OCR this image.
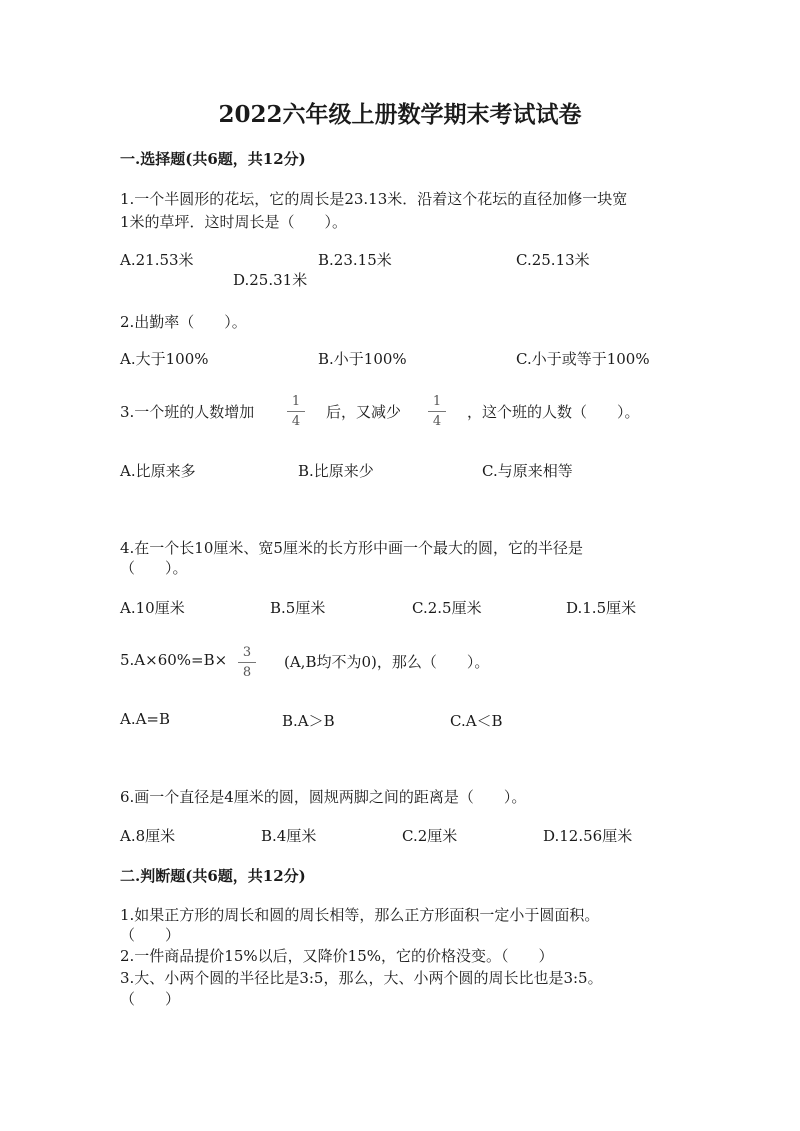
2022六年级上册数学期末考试试卷
一.选择题(共6题，共12分)
1.一个半圆形的花坛，它的周长是23.13米．沿着这个花坛的直径加修一块宽
1米的草坪．这时周长是（　　）。
A.21.53米	B.23.15米	C.25.13米
D.25.31米
2.出勤率（　　）。
A.大于100%	B.小于100%	C.小于或等于100%
3.一个班的人数增加
1
4
后，又减少
1
4
，这个班的人数（　　）。
A.比原来多	B.比原来少	C.与原来相等
4.在一个长10厘米、宽5厘米的长方形中画一个最大的圆，它的半径是
（　　）。
A.10厘米	B.5厘米	C.2.5厘米	D.1.5厘米
5.A×60%=B×	3
8
(A,B均不为0)，那么（　　）。
A.A=B	B.A＞B	C.A＜B
6.画一个直径是4厘米的圆，圆规两脚之间的距离是（　　）。
A.8厘米	B.4厘米	C.2厘米	D.12.56厘米
二.判断题(共6题，共12分)
1.如果正方形的周长和圆的周长相等，那么正方形面积一定小于圆面积。
（　　）
2.一件商品提价15%以后，又降价15%，它的价格没变。（　　）
3.大、小两个圆的半径比是3:5，那么，大、小两个圆的周长比也是3:5。
（　　）
